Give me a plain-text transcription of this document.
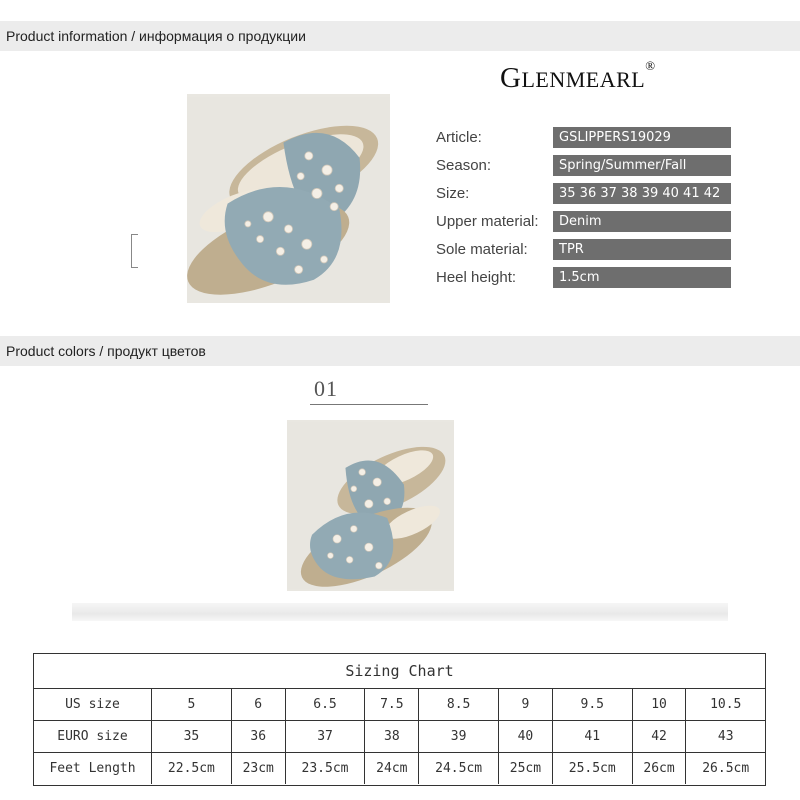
Product information / информация о продукции
GLENMEARL®
Article:	GSLIPPERS19029
Season:	Spring/Summer/Fall
Size:	35 36 37 38 39 40 41 42
Upper material:	Denim
Sole material:	TPR
Heel height:	1.5cm
Product colors / продукт цветов
01
Sizing Chart
US size	5	6	6.5	7.5	8.5	9	9.5	10	10.5
EURO size	35	36	37	38	39	40	41	42	43
Feet Length	22.5cm	23cm	23.5cm	24cm	24.5cm	25cm	25.5cm	26cm	26.5cm
